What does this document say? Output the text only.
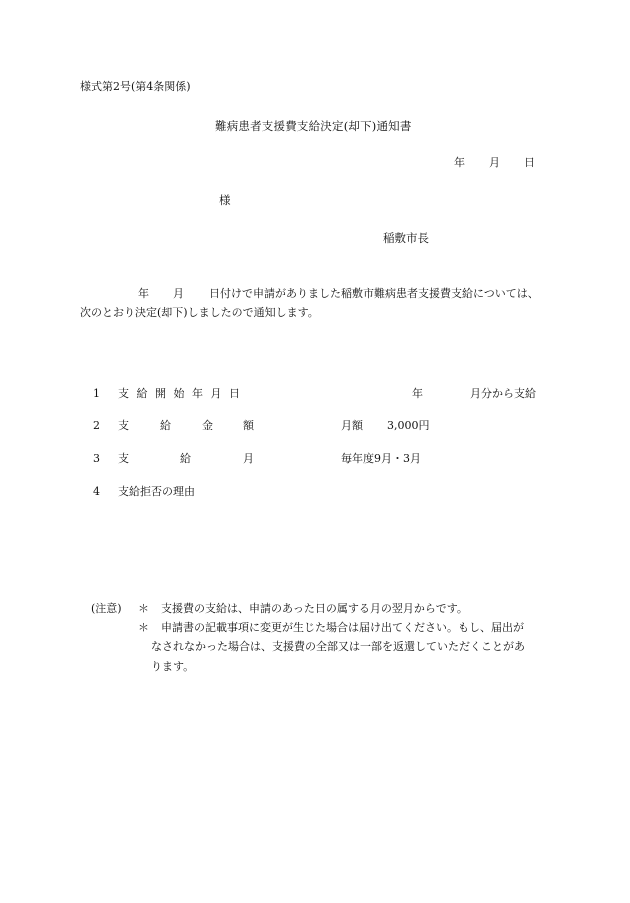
様式第2号(第4条関係)
難病患者支援費支給決定(却下)通知書
年 月 日
様
稲敷市長
年 月 日付けで申請がありました稲敷市難病患者支援費支給については、
次のとおり決定(却下)しましたので通知します。
1 支給開始年月日	年	月分から支給
2 支	給	金	額	月額 3,000円
3 支	給	月	毎年度9月・3月
4 支給拒否の理由
(注意) ＊ 支援費の支給は、申請のあった日の属する月の翌月からです。
＊ 申請書の記載事項に変更が生じた場合は届け出てください。もし、届出が
なされなかった場合は、支援費の全部又は一部を返還していただくことがあ
ります。
